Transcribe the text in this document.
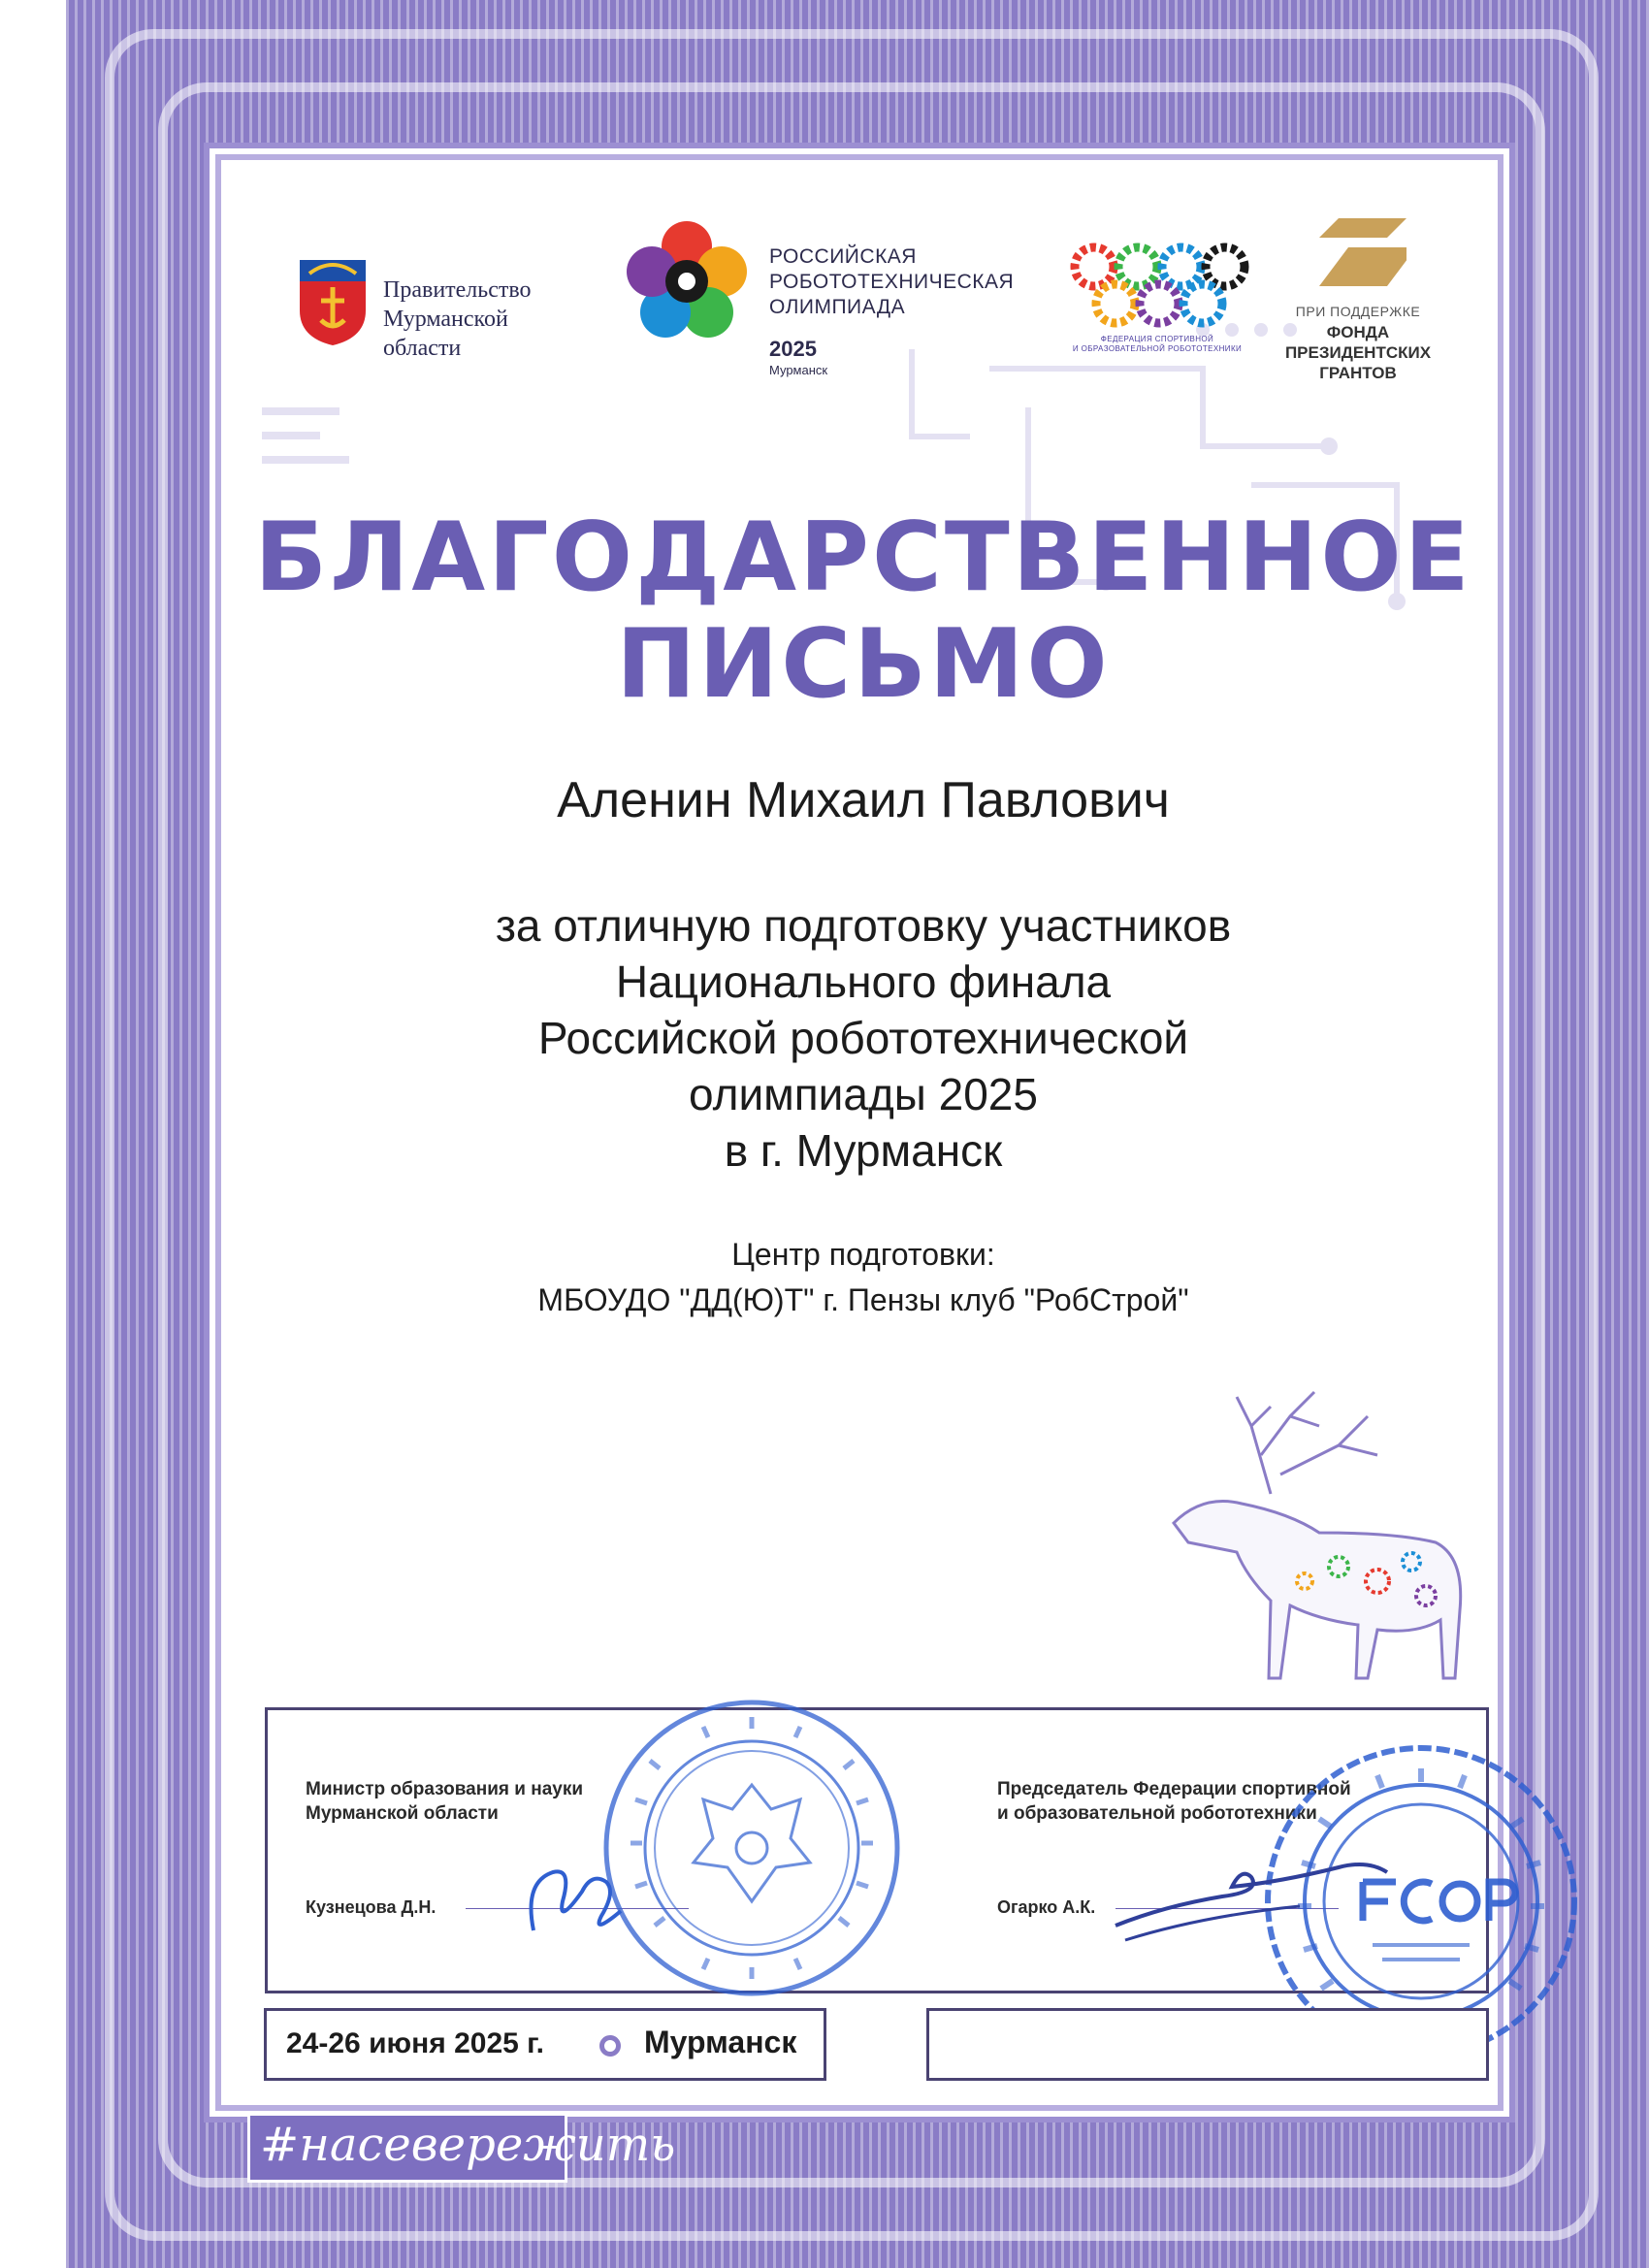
Правительство
Мурманской области
РОССИЙСКАЯ
РОБОТОТЕХНИЧЕСКАЯ
ОЛИМПИАДА
2025
Мурманск
ФЕДЕРАЦИЯ СПОРТИВНОЙ
И ОБРАЗОВАТЕЛЬНОЙ РОБОТОТЕХНИКИ
ПРИ ПОДДЕРЖКЕ
ФОНДА
ПРЕЗИДЕНТСКИХ
ГРАНТОВ
БЛАГОДАРСТВЕННОЕ
ПИСЬМО
Аленин Михаил Павлович
за отличную подготовку участников
Национального финала
Российской робототехнической
олимпиады 2025
в г. Мурманск
Центр подготовки:
МБОУДО "ДД(Ю)Т" г. Пензы клуб "РобСтрой"
Министр образования и науки
Мурманской области
Кузнецова Д.Н.
Председатель Федерации спортивной
и образовательной робототехники
Огарко А.К.
24-26 июня 2025 г.	Мурманск
#насевережить
